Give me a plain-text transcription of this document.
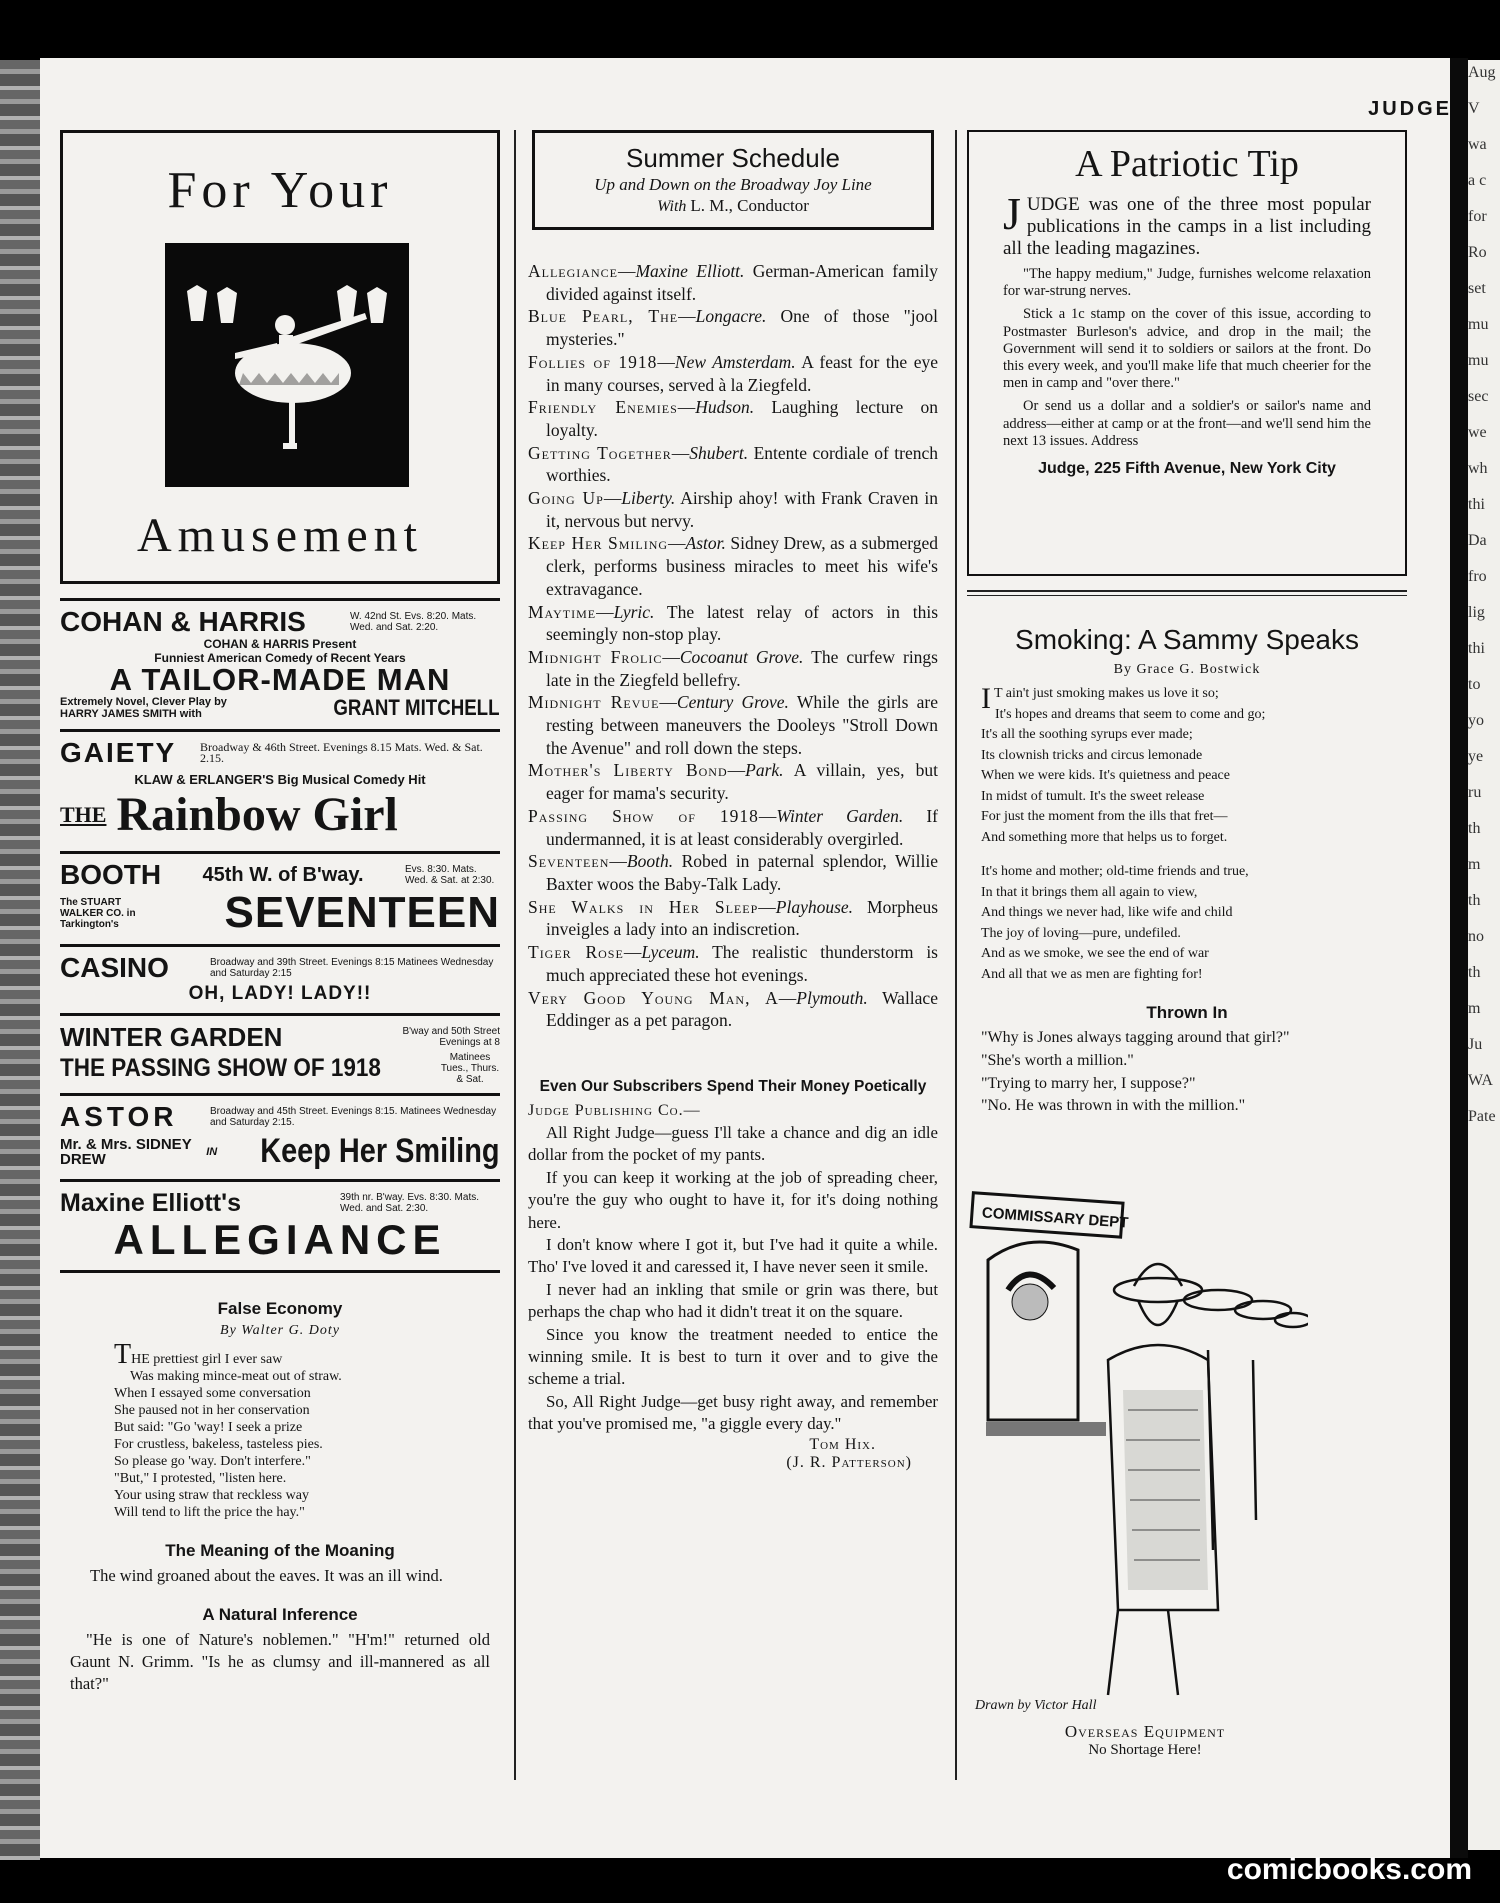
Aug
V
wa
a c
for
Ro
set
mu
mu
sec
we
wh
thi
Da
fro
lig
thi
to
yo
ye
ru
th
m
th
no
th
m
Ju
WA
Pate
JUDGE
For Your
Amusement
COHAN & HARRIS	W. 42nd St. Evs. 8:20. Mats. Wed. and Sat. 2:20.
COHAN & HARRIS Present
Funniest American Comedy of Recent Years
A TAILOR-MADE MAN
Extremely Novel, Clever Play by HARRY JAMES SMITH with	GRANT MITCHELL
GAIETY Broadway & 46th Street. Evenings 8.15 Mats. Wed. & Sat. 2.15.
KLAW & ERLANGER'S Big Musical Comedy Hit
THE Rainbow Girl
BOOTH 45th W. of B'way.	Evs. 8:30. Mats. Wed. & Sat. at 2:30.
The STUART WALKER CO. in Tarkington's	SEVENTEEN
CASINO	Broadway and 39th Street. Evenings 8:15 Matinees Wednesday and Saturday 2:15
OH, LADY! LADY!!
WINTER GARDEN	B'way and 50th Street Evenings at 8
THE PASSING SHOW OF 1918	Matinees Tues., Thurs. & Sat.
ASTOR	Broadway and 45th Street. Evenings 8:15. Matinees Wednesday and Saturday 2:15.
Mr. & Mrs. SIDNEY DREW	IN Keep Her Smiling
Maxine Elliott's	39th nr. B'way. Evs. 8:30. Mats. Wed. and Sat. 2:30.
ALLEGIANCE
False Economy
By Walter G. Doty
THE prettiest girl I ever saw
Was making mince-meat out of straw.
When I essayed some conversation
She paused not in her conservation
But said: "Go 'way! I seek a prize
For crustless, bakeless, tasteless pies.
So please go 'way. Don't interfere."
"But," I protested, "listen here.
Your using straw that reckless way
Will tend to lift the price the hay."
The Meaning of the Moaning
The wind groaned about the eaves. It was an ill wind.
A Natural Inference
"He is one of Nature's noblemen." "H'm!" returned old Gaunt N. Grimm. "Is he as clumsy and ill-mannered as all that?"
Summer Schedule
Up and Down on the Broadway Joy Line
With L. M., Conductor
Allegiance—Maxine Elliott. German-American family divided against itself.
Blue Pearl, The—Longacre. One of those "jool mysteries."
Follies of 1918—New Amsterdam. A feast for the eye in many courses, served à la Ziegfeld.
Friendly Enemies—Hudson. Laughing lecture on loyalty.
Getting Together—Shubert. Entente cordiale of trench worthies.
Going Up—Liberty. Airship ahoy! with Frank Craven in it, nervous but nervy.
Keep Her Smiling—Astor. Sidney Drew, as a submerged clerk, performs business miracles to meet his wife's extravagance.
Maytime—Lyric. The latest relay of actors in this seemingly non-stop play.
Midnight Frolic—Cocoanut Grove. The curfew rings late in the Ziegfeld bellefry.
Midnight Revue—Century Grove. While the girls are resting between maneuvers the Dooleys "Stroll Down the Avenue" and roll down the steps.
Mother's Liberty Bond—Park. A villain, yes, but eager for mama's security.
Passing Show of 1918—Winter Garden. If undermanned, it is at least considerably overgirled.
Seventeen—Booth. Robed in paternal splendor, Willie Baxter woos the Baby-Talk Lady.
She Walks in Her Sleep—Playhouse. Morpheus inveigles a lady into an indiscretion.
Tiger Rose—Lyceum. The realistic thunderstorm is much appreciated these hot evenings.
Very Good Young Man, A—Plymouth. Wallace Eddinger as a pet paragon.
Even Our Subscribers Spend Their Money Poetically
Judge Publishing Co.—
All Right Judge—guess I'll take a chance and dig an idle dollar from the pocket of my pants.
If you can keep it working at the job of spreading cheer, you're the guy who ought to have it, for it's doing nothing here.
I don't know where I got it, but I've had it quite a while. Tho' I've loved it and caressed it, I have never seen it smile.
I never had an inkling that smile or grin was there, but perhaps the chap who had it didn't treat it on the square.
Since you know the treatment needed to entice the winning smile. It is best to turn it over and to give the scheme a trial.
So, All Right Judge—get busy right away, and remember that you've promised me, "a giggle every day."
Tom Hix.
(J. R. Patterson)
A Patriotic Tip
JUDGE was one of the three most popular publications in the camps in a list including all the leading magazines.
"The happy medium," Judge, furnishes welcome relaxation for war-strung nerves.
Stick a 1c stamp on the cover of this issue, according to Postmaster Burleson's advice, and drop in the mail; the Government will send it to soldiers or sailors at the front. Do this every week, and you'll make life that much cheerier for the men in camp and "over there."
Or send us a dollar and a soldier's or sailor's name and address—either at camp or at the front—and we'll send him the next 13 issues. Address
Judge, 225 Fifth Avenue, New York City
Smoking: A Sammy Speaks
By Grace G. Bostwick
I T ain't just smoking makes us love it so;
It's hopes and dreams that seem to come and go;
It's all the soothing syrups ever made;
Its clownish tricks and circus lemonade
When we were kids. It's quietness and peace
In midst of tumult. It's the sweet release
For just the moment from the ills that fret—
And something more that helps us to forget.
It's home and mother; old-time friends and true,
In that it brings them all again to view,
And things we never had, like wife and child
The joy of loving—pure, undefiled.
And as we smoke, we see the end of war
And all that we as men are fighting for!
Thrown In
"Why is Jones always tagging around that girl?"
"She's worth a million."
"Trying to marry her, I suppose?"
"No. He was thrown in with the million."
COMMISSARY DEPT
Drawn by Victor Hall
Overseas Equipment
No Shortage Here!
comicbooks.com
